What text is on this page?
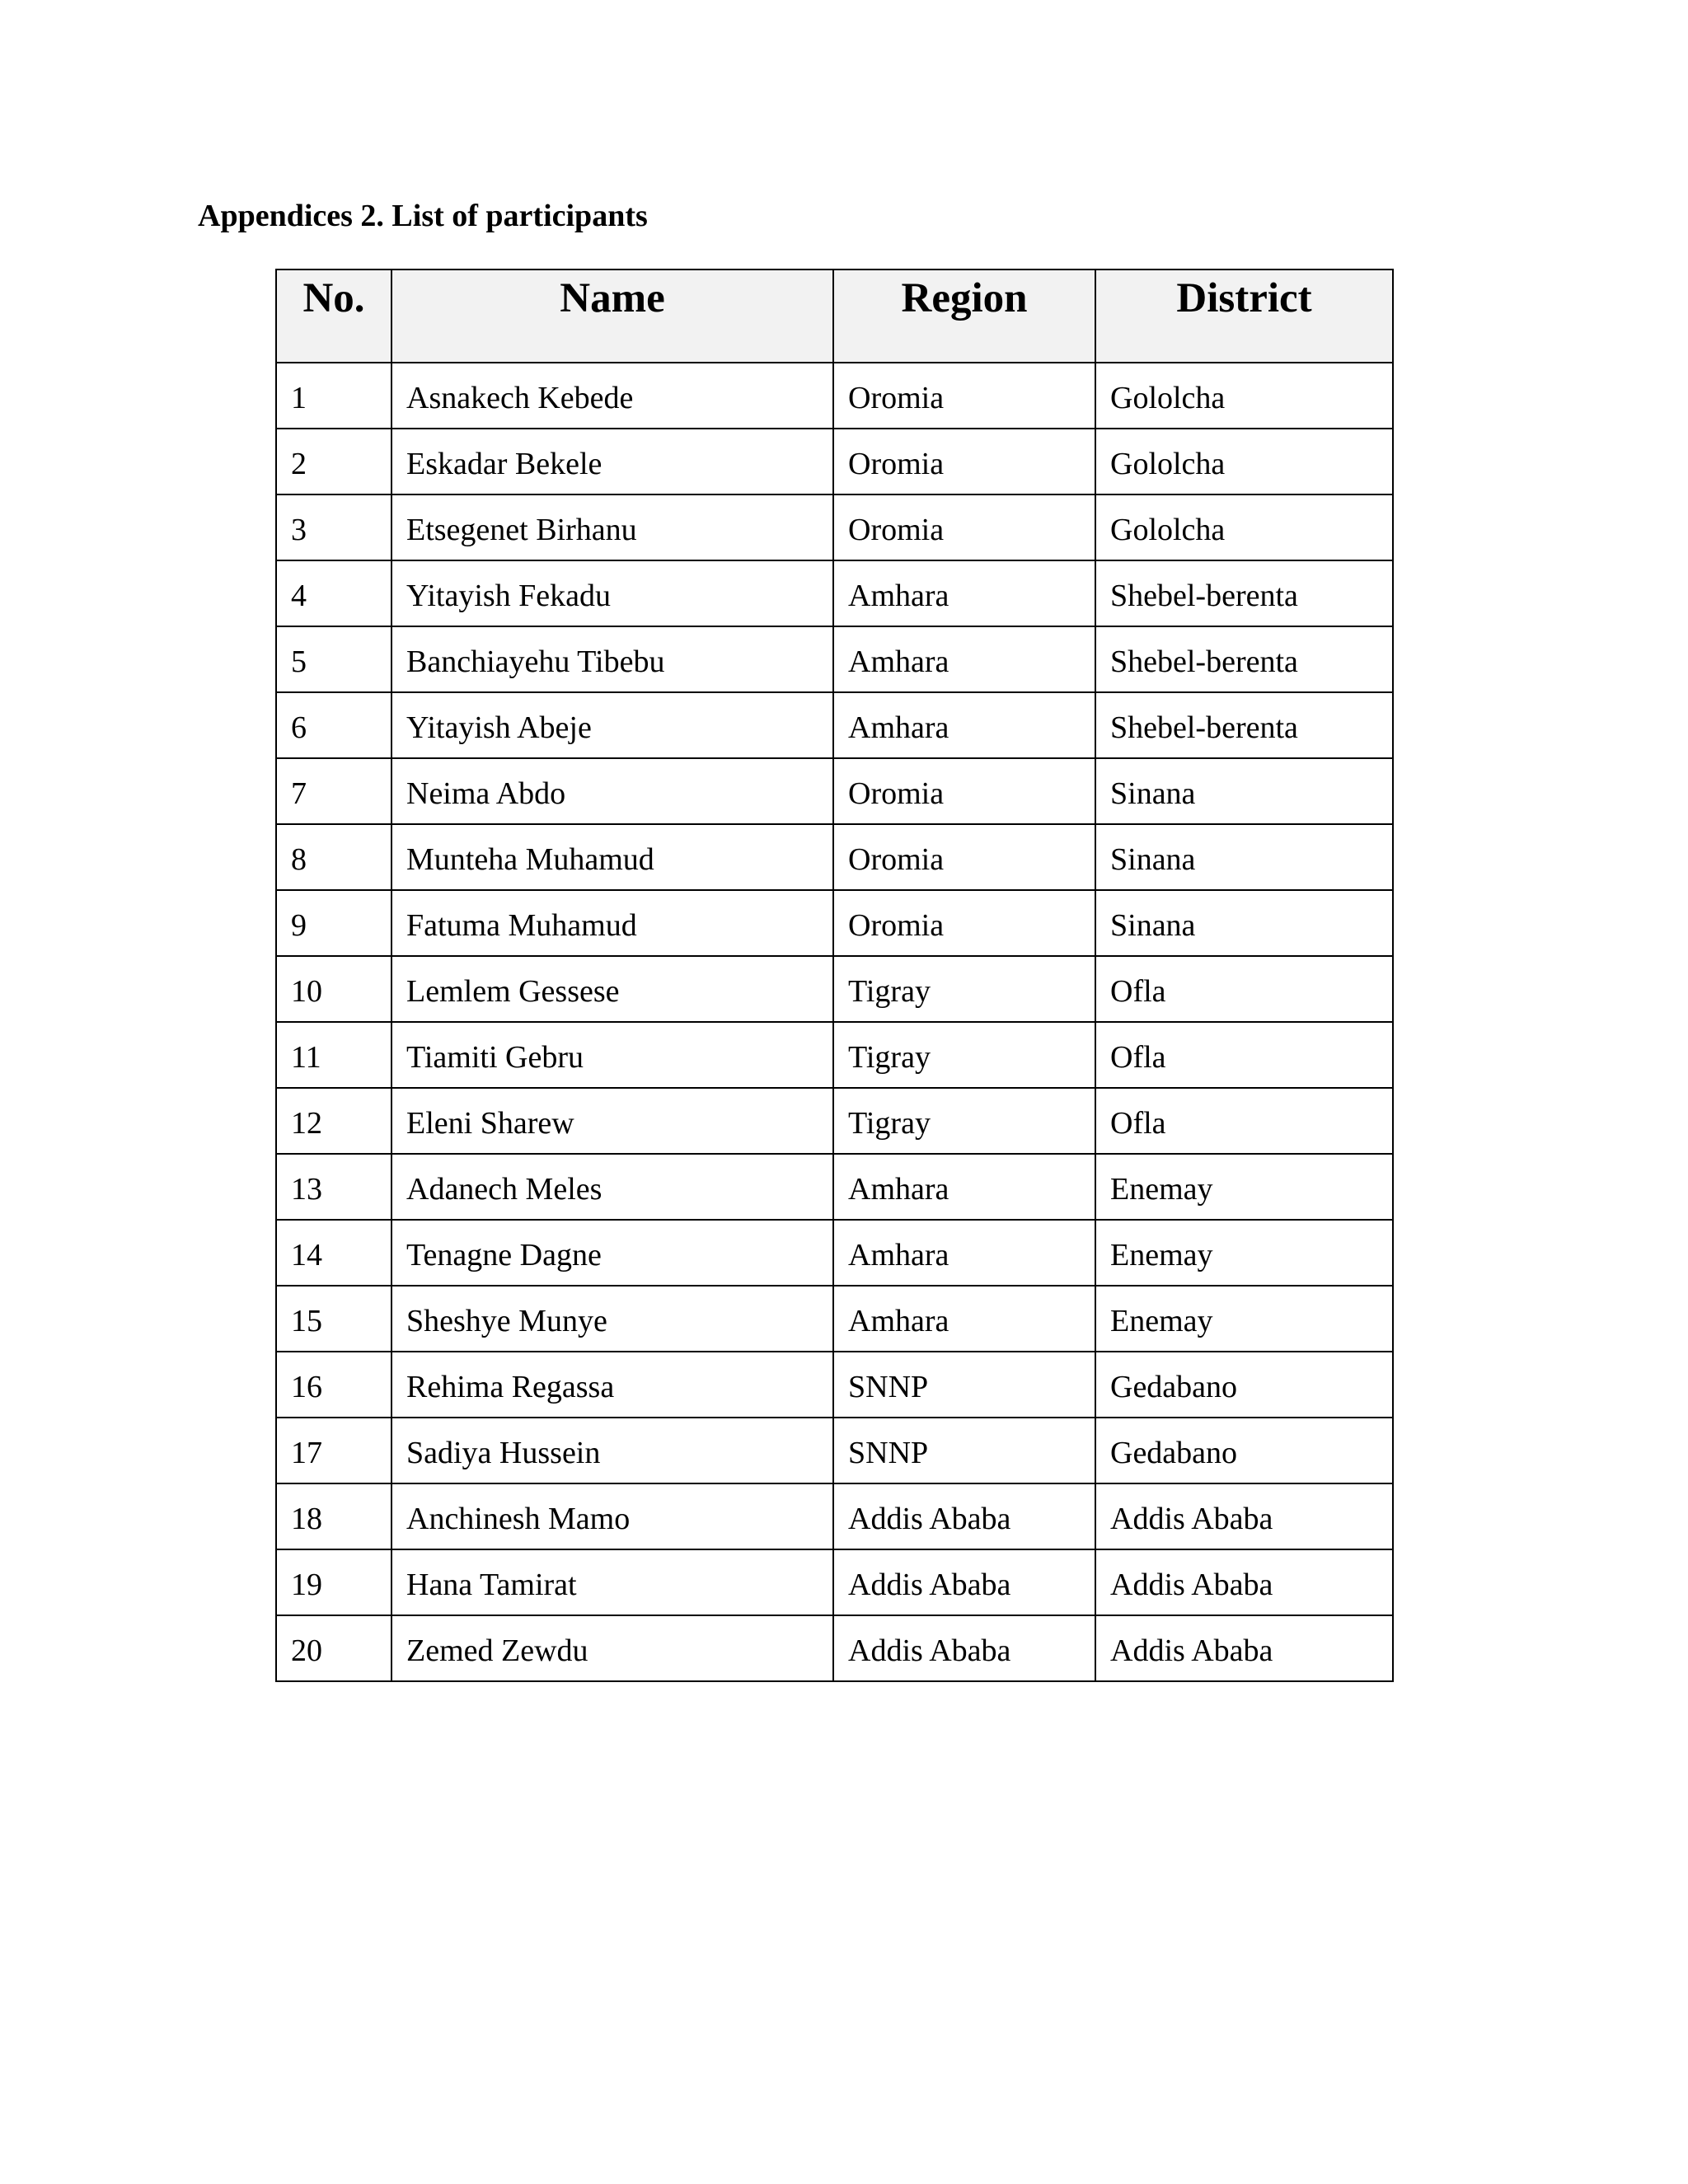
Appendices 2. List of participants
No.	Name	Region	District
1	Asnakech Kebede	Oromia	Gololcha
2	Eskadar Bekele	Oromia	Gololcha
3	Etsegenet Birhanu	Oromia	Gololcha
4	Yitayish Fekadu	Amhara	Shebel-berenta
5	Banchiayehu Tibebu	Amhara	Shebel-berenta
6	Yitayish Abeje	Amhara	Shebel-berenta
7	Neima Abdo	Oromia	Sinana
8	Munteha Muhamud	Oromia	Sinana
9	Fatuma Muhamud	Oromia	Sinana
10	Lemlem Gessese	Tigray	Ofla
11	Tiamiti Gebru	Tigray	Ofla
12	Eleni Sharew	Tigray	Ofla
13	Adanech Meles	Amhara	Enemay
14	Tenagne Dagne	Amhara	Enemay
15	Sheshye Munye	Amhara	Enemay
16	Rehima Regassa	SNNP	Gedabano
17	Sadiya Hussein	SNNP	Gedabano
18	Anchinesh Mamo	Addis Ababa	Addis Ababa
19	Hana Tamirat	Addis Ababa	Addis Ababa
20	Zemed Zewdu	Addis Ababa	Addis Ababa
